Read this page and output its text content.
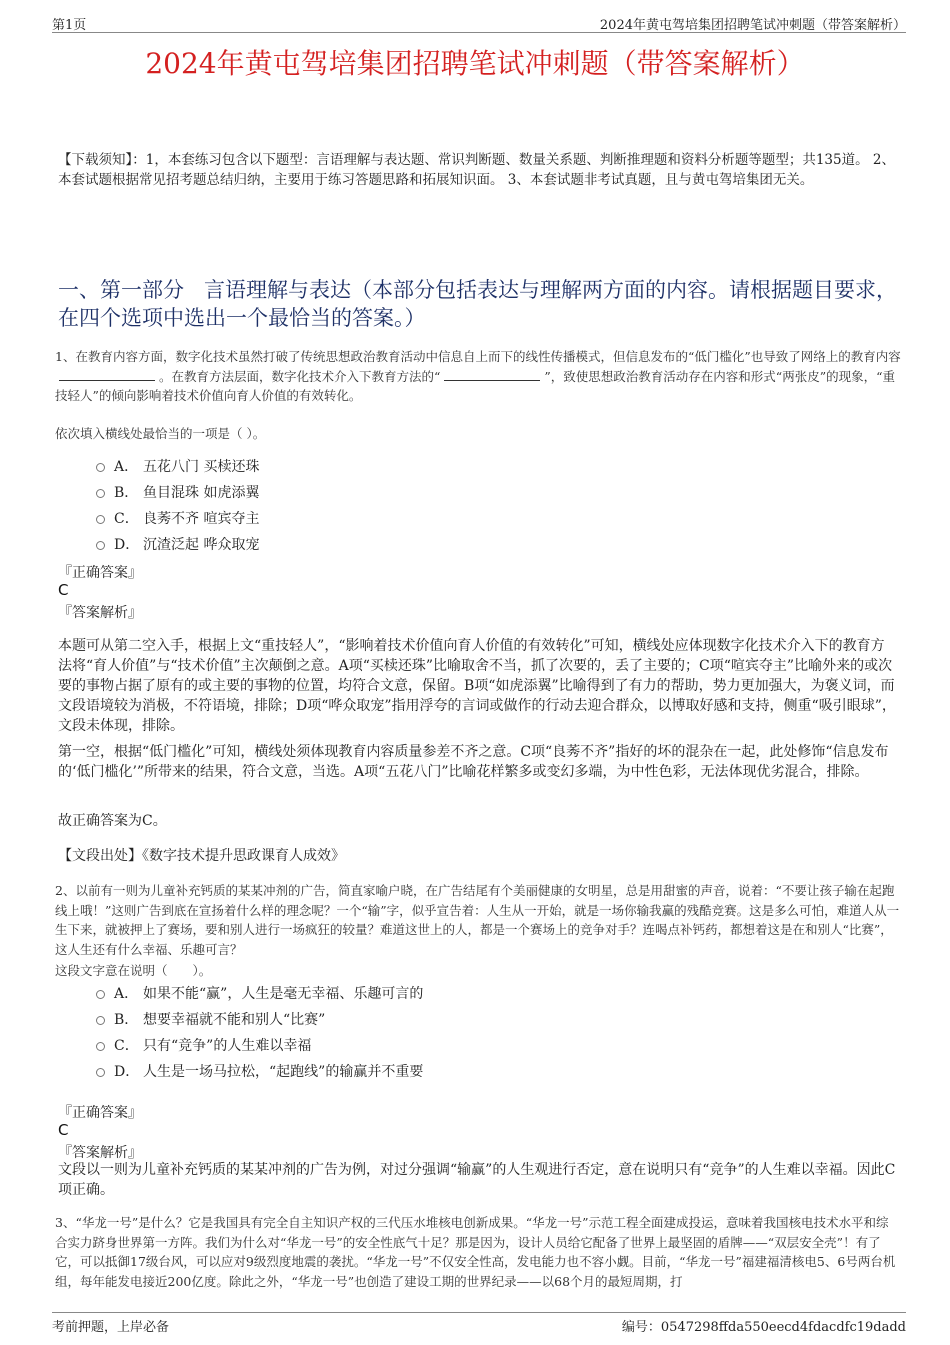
第1页	2024年黄屯驾培集团招聘笔试冲刺题（带答案解析）
2024年黄屯驾培集团招聘笔试冲刺题（带答案解析）
【下载须知】：1，本套练习包含以下题型：言语理解与表达题、常识判断题、数量关系题、判断推理题和资料分析题等题型；共135道。 2、本套试题根据常见招考题总结归纳，主要用于练习答题思路和拓展知识面。 3、本套试题非考试真题，且与黄屯驾培集团无关。
一、第一部分 言语理解与表达（本部分包括表达与理解两方面的内容。请根据题目要求，在四个选项中选出一个最恰当的答案。）
1、在教育内容方面，数字化技术虽然打破了传统思想政治教育活动中信息自上而下的线性传播模式，但信息发布的“低门槛化”也导致了网络上的教育内容。在教育方法层面，数字化技术介入下教育方法的“	”，致使思想政治教育活动存在内容和形式“两张皮”的现象，“重技轻人”的倾向影响着技术价值向育人价值的有效转化。
依次填入横线处最恰当的一项是（ ）。
A． 五花八门 买椟还珠
B． 鱼目混珠 如虎添翼
C． 良莠不齐 喧宾夺主
D． 沉渣泛起 哗众取宠
『正确答案』
C
『答案解析』
本题可从第二空入手，根据上文“重技轻人”，“影响着技术价值向育人价值的有效转化”可知，横线处应体现数字化技术介入下的教育方法将“育人价值”与“技术价值”主次颠倒之意。A项“买椟还珠”比喻取舍不当，抓了次要的，丢了主要的；C项“喧宾夺主”比喻外来的或次要的事物占据了原有的或主要的事物的位置，均符合文意，保留。B项“如虎添翼”比喻得到了有力的帮助，势力更加强大，为褒义词，而文段语境较为消极，不符语境，排除；D项“哗众取宠”指用浮夸的言词或做作的行动去迎合群众，以博取好感和支持，侧重“吸引眼球”，文段未体现，排除。
第一空，根据“低门槛化”可知，横线处须体现教育内容质量参差不齐之意。C项“良莠不齐”指好的坏的混杂在一起，此处修饰“信息发布的‘低门槛化’”所带来的结果，符合文意，当选。A项“五花八门”比喻花样繁多或变幻多端，为中性色彩，无法体现优劣混合，排除。
故正确答案为C。
【文段出处】《数字技术提升思政课育人成效》
2、以前有一则为儿童补充钙质的某某冲剂的广告，简直家喻户晓，在广告结尾有个美丽健康的女明星，总是用甜蜜的声音，说着：“不要让孩子输在起跑线上哦！”这则广告到底在宣扬着什么样的理念呢？一个“输”字，似乎宣告着：人生从一开始，就是一场你输我赢的残酷竞赛。这是多么可怕，难道人从一生下来，就被押上了赛场，要和别人进行一场疯狂的较量？难道这世上的人，都是一个赛场上的竞争对手？连喝点补钙药，都想着这是在和别人“比赛”，这人生还有什么幸福、乐趣可言？
这段文字意在说明（　　）。
A． 如果不能“赢”，人生是毫无幸福、乐趣可言的
B． 想要幸福就不能和别人“比赛”
C． 只有“竞争”的人生难以幸福
D． 人生是一场马拉松，“起跑线”的输赢并不重要
『正确答案』
C
『答案解析』
文段以一则为儿童补充钙质的某某冲剂的广告为例，对过分强调“输赢”的人生观进行否定，意在说明只有“竞争”的人生难以幸福。因此C项正确。
3、“华龙一号”是什么？它是我国具有完全自主知识产权的三代压水堆核电创新成果。“华龙一号”示范工程全面建成投运，意味着我国核电技术水平和综合实力跻身世界第一方阵。我们为什么对“华龙一号”的安全性底气十足？那是因为，设计人员给它配备了世界上最坚固的盾牌——“双层安全壳”！有了它，可以抵御17级台风，可以应对9级烈度地震的袭扰。“华龙一号”不仅安全性高，发电能力也不容小觑。目前，“华龙一号”福建福清核电5、6号两台机组，每年能发电接近200亿度。除此之外，“华龙一号”也创造了建设工期的世界纪录——以68个月的最短周期，打
考前押题，上岸必备	编号：0547298ffda550eecd4fdacdfc19dadd
